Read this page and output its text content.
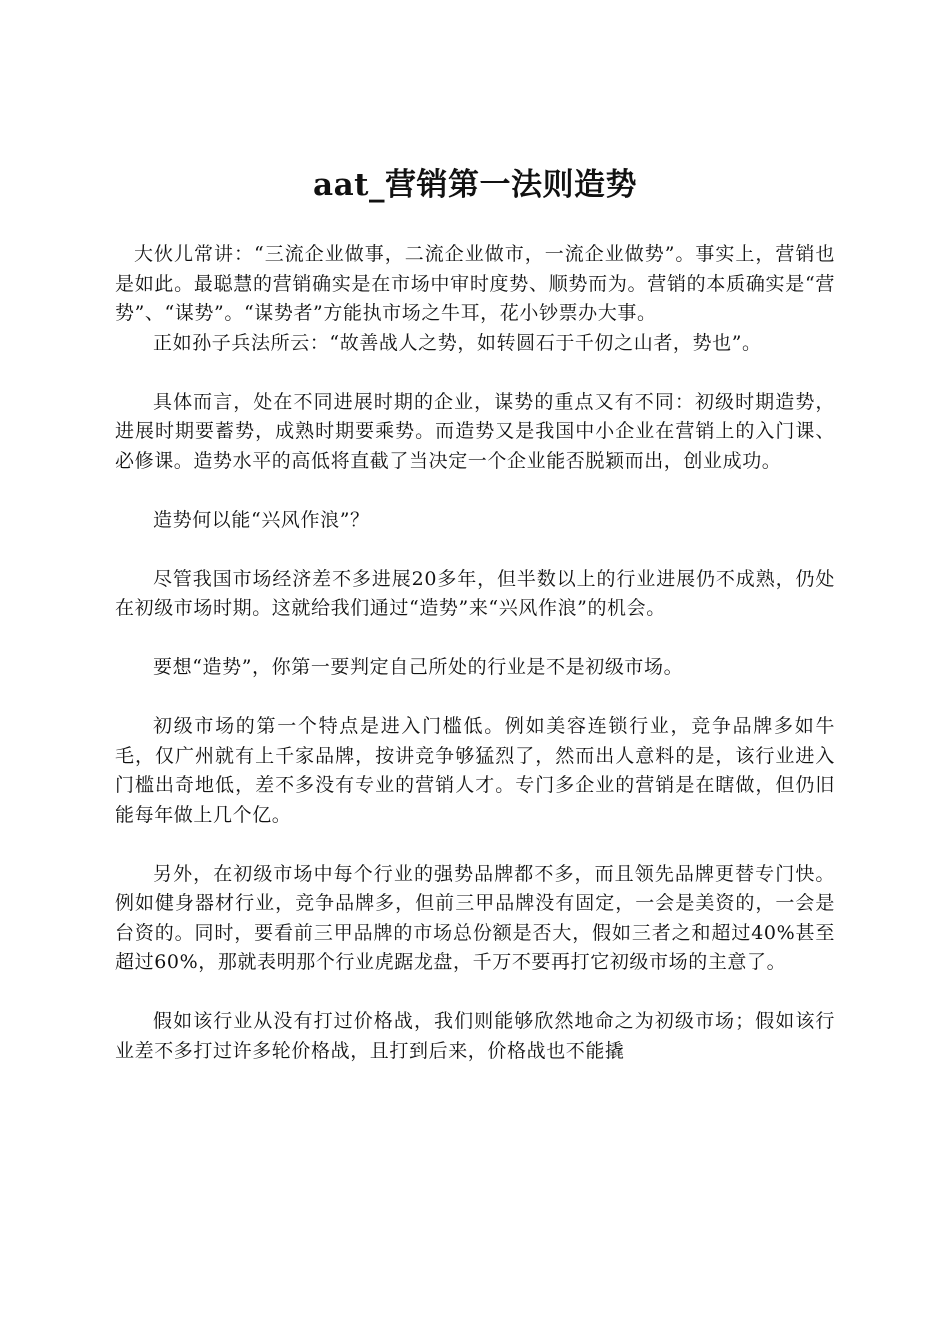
aat_营销第一法则造势

大伙儿常讲：“三流企业做事，二流企业做市，一流企业做势”。事实上，营销也是如此。最聪慧的营销确实是在市场中审时度势、顺势而为。营销的本质确实是“营势”、“谋势”。“谋势者”方能执市场之牛耳，花小钞票办大事。

正如孙子兵法所云：“故善战人之势，如转圆石于千仞之山者，势也”。

具体而言，处在不同进展时期的企业，谋势的重点又有不同：初级时期造势，进展时期要蓄势，成熟时期要乘势。而造势又是我国中小企业在营销上的入门课、必修课。造势水平的高低将直截了当决定一个企业能否脱颖而出，创业成功。

造势何以能“兴风作浪”？

尽管我国市场经济差不多进展20多年，但半数以上的行业进展仍不成熟，仍处在初级市场时期。这就给我们通过“造势”来“兴风作浪”的机会。

要想“造势”，你第一要判定自己所处的行业是不是初级市场。

初级市场的第一个特点是进入门槛低。例如美容连锁行业，竞争品牌多如牛毛，仅广州就有上千家品牌，按讲竞争够猛烈了，然而出人意料的是，该行业进入门槛出奇地低，差不多没有专业的营销人才。专门多企业的营销是在瞎做，但仍旧能每年做上几个亿。

另外，在初级市场中每个行业的强势品牌都不多，而且领先品牌更替专门快。例如健身器材行业，竞争品牌多，但前三甲品牌没有固定，一会是美资的，一会是台资的。同时，要看前三甲品牌的市场总份额是否大，假如三者之和超过40%甚至超过60%，那就表明那个行业虎踞龙盘，千万不要再打它初级市场的主意了。

假如该行业从没有打过价格战，我们则能够欣然地命之为初级市场；假如该行业差不多打过许多轮价格战，且打到后来，价格战也不能撬
